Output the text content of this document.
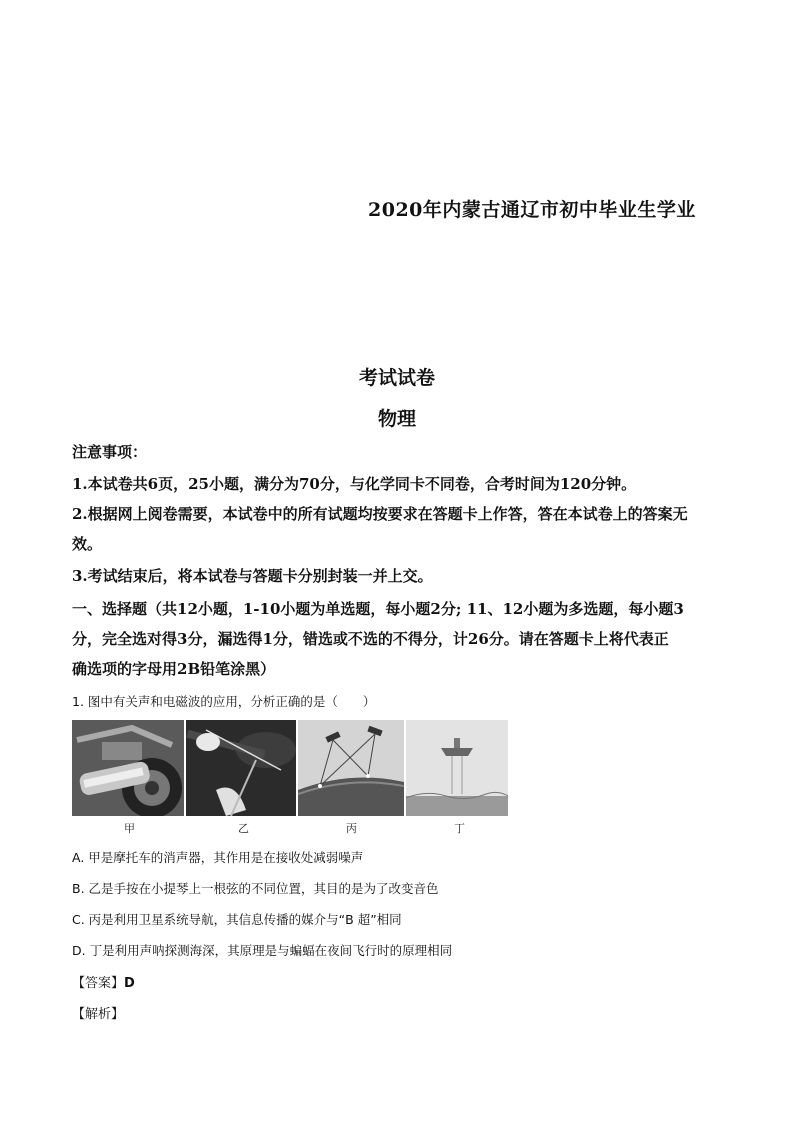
2020年内蒙古通辽市初中毕业生学业
考试试卷
物理
注意事项：
1.本试卷共6页，25小题，满分为70分，与化学同卡不同卷，合考时间为120分钟。
2.根据网上阅卷需要，本试卷中的所有试题均按要求在答题卡上作答，答在本试卷上的答案无
效。
3.考试结束后，将本试卷与答题卡分别封装一并上交。
一、选择题（共12小题，1-10小题为单选题，每小题2分; 11、12小题为多选题，每小题3
分，完全选对得3分，漏选得1分，错选或不选的不得分，计26分。请在答题卡上将代表正
确选项的字母用2B铅笔涂黑）
1. 图中有关声和电磁波的应用，分析正确的是（　　）
甲	乙	丙	丁
A. 甲是摩托车的消声器，其作用是在接收处减弱噪声
B. 乙是手按在小提琴上一根弦的不同位置，其目的是为了改变音色
C. 丙是利用卫星系统导航，其信息传播的媒介与“B 超”相同
D. 丁是利用声呐探测海深，其原理是与蝙蝠在夜间飞行时的原理相同
【答案】D
【解析】
